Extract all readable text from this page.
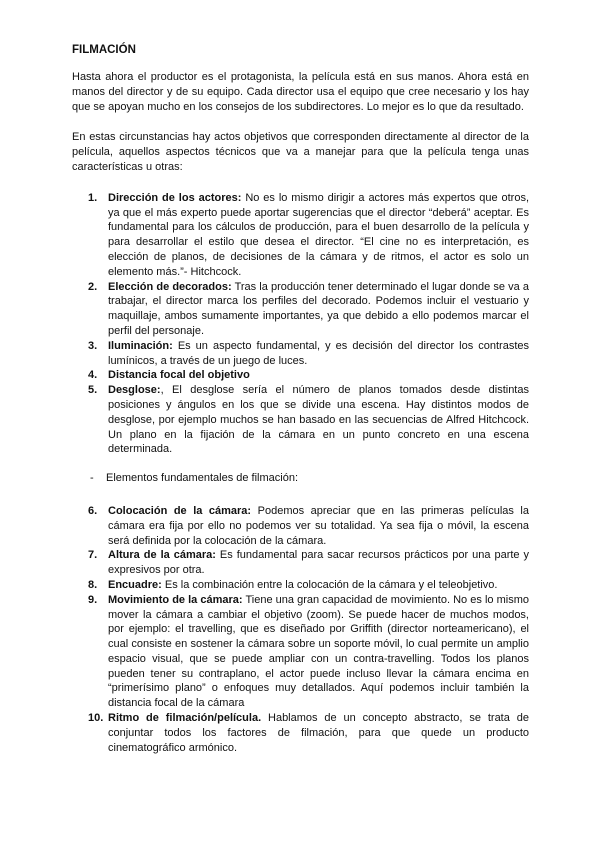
FILMACIÓN

Hasta ahora el productor es el protagonista, la película está en sus manos. Ahora está en manos del director y de su equipo. Cada director usa el equipo que cree necesario y los hay que se apoyan mucho en los consejos de los subdirectores. Lo mejor es lo que da resultado.

En estas circunstancias hay actos objetivos que corresponden directamente al director de la película, aquellos aspectos técnicos que va a manejar para que la película tenga unas características u otras:

1. Dirección de los actores: No es lo mismo dirigir a actores más expertos que otros, ya que el más experto puede aportar sugerencias que el director “deberá” aceptar. Es fundamental para los cálculos de producción, para el buen desarrollo de la película y para desarrollar el estilo que desea el director. “El cine no es interpretación, es elección de planos, de decisiones de la cámara y de ritmos, el actor es solo un elemento más.”- Hitchcock.
2. Elección de decorados: Tras la producción tener determinado el lugar donde se va a trabajar, el director marca los perfiles del decorado. Podemos incluir el vestuario y maquillaje, ambos sumamente importantes, ya que debido a ello podemos marcar el perfil del personaje.
3. Iluminación: Es un aspecto fundamental, y es decisión del director los contrastes lumínicos, a través de un juego de luces.
4. Distancia focal del objetivo
5. Desglose:, El desglose sería el número de planos tomados desde distintas posiciones y ángulos en los que se divide una escena. Hay distintos modos de desglose, por ejemplo muchos se han basado en las secuencias de Alfred Hitchcock. Un plano en la fijación de la cámara en un punto concreto en una escena determinada.
- Elementos fundamentales de filmación:
6. Colocación de la cámara: Podemos apreciar que en las primeras películas la cámara era fija por ello no podemos ver su totalidad. Ya sea fija o móvil, la escena será definida por la colocación de la cámara.
7. Altura de la cámara: Es fundamental para sacar recursos prácticos por una parte y expresivos por otra.
8. Encuadre: Es la combinación entre la colocación de la cámara y el teleobjetivo.
9. Movimiento de la cámara: Tiene una gran capacidad de movimiento. No es lo mismo mover la cámara a cambiar el objetivo (zoom). Se puede hacer de muchos modos, por ejemplo: el travelling, que es diseñado por Griffith (director norteamericano), el cual consiste en sostener la cámara sobre un soporte móvil, lo cual permite un amplio espacio visual, que se puede ampliar con un contra-travelling. Todos los planos pueden tener su contraplano, el actor puede incluso llevar la cámara encima en “primerísimo plano” o enfoques muy detallados. Aquí podemos incluir también la distancia focal de la cámara
10. Ritmo de filmación/película. Hablamos de un concepto abstracto, se trata de conjuntar todos los factores de filmación, para que quede un producto cinematográfico armónico.
